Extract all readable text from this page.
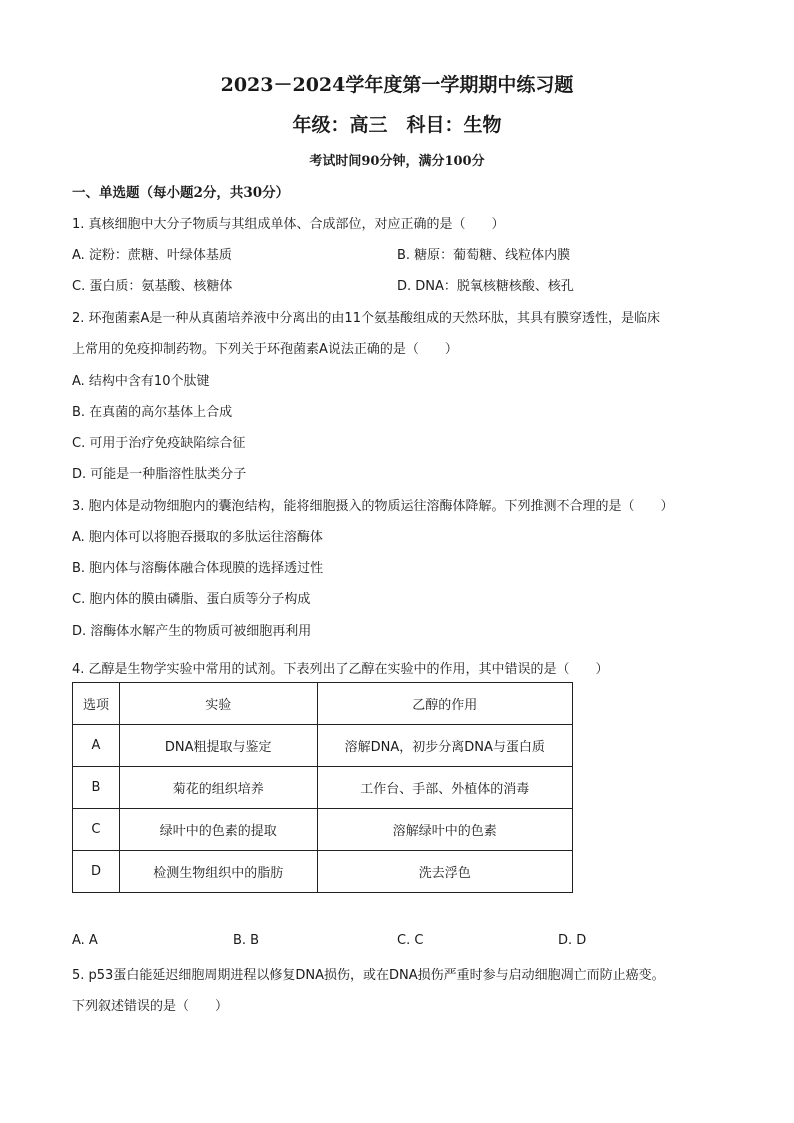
2023－2024学年度第一学期期中练习题
年级：高三　科目：生物
考试时间90分钟，满分100分
一、单选题（每小题2分，共30分）
1. 真核细胞中大分子物质与其组成单体、合成部位，对应正确的是（　　）
A. 淀粉：蔗糖、叶绿体基质	B. 糖原：葡萄糖、线粒体内膜
C. 蛋白质：氨基酸、核糖体	D. DNA：脱氧核糖核酸、核孔
2. 环孢菌素A是一种从真菌培养液中分离出的由11个氨基酸组成的天然环肽，其具有膜穿透性，是临床
上常用的免疫抑制药物。下列关于环孢菌素A说法正确的是（　　）
A. 结构中含有10个肽键
B. 在真菌的高尔基体上合成
C. 可用于治疗免疫缺陷综合征
D. 可能是一种脂溶性肽类分子
3. 胞内体是动物细胞内的囊泡结构，能将细胞摄入的物质运往溶酶体降解。下列推测不合理的是（　　）
A. 胞内体可以将胞吞摄取的多肽运往溶酶体
B. 胞内体与溶酶体融合体现膜的选择透过性
C. 胞内体的膜由磷脂、蛋白质等分子构成
D. 溶酶体水解产生的物质可被细胞再利用
4. 乙醇是生物学实验中常用的试剂。下表列出了乙醇在实验中的作用，其中错误的是（　　）
选项	实验	乙醇的作用
A	DNA粗提取与鉴定	溶解DNA，初步分离DNA与蛋白质
B	菊花的组织培养	工作台、手部、外植体的消毒
C	绿叶中的色素的提取	溶解绿叶中的色素
D	检测生物组织中的脂肪	洗去浮色
A. A	B. B	C. C	D. D
5. p53蛋白能延迟细胞周期进程以修复DNA损伤，或在DNA损伤严重时参与启动细胞凋亡而防止癌变。
下列叙述错误的是（　　）
